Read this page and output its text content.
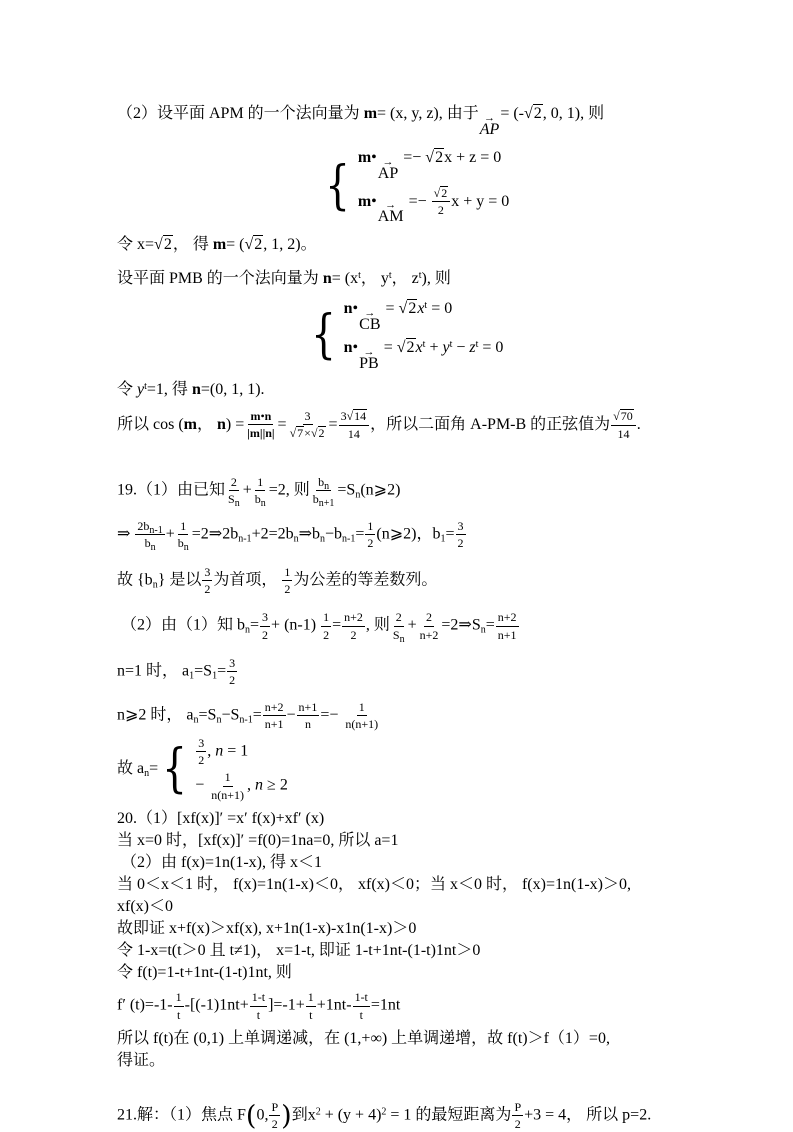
（2）设平面 APM 的一个法向量为 m= (x, y, z), 由于 →
AP
= (-√2, 0, 1), 则
{ m• →
AP
=− √2x + z = 0
m• →
AM
=− $\frac{√2}{2}$ x + y = 0
令 x=√2， 得 m= (√2, 1, 2)。
设平面 PMB 的一个法向量为 $n= (x^t$， $y^t$， $z^t$), 则
{ n• →
CB
= $√2x^t = 0$
n• →
PB
= $√2x^t + y^t - z^t = 0$
令 $y^t=1$, 得 n=(0, 1, 1).
所以 cos (m， $n) = \frac{m•n}{|m||n|} = \frac{3}{√7\times√2} = \frac{3√14}{14}$ ，所以二面角 A-PM-B 的正弦值为 $\frac{√70}{14}$ .
19.（1）由已知 $\frac{2}{S_n} + \frac{1}{b_n} =2$, 则 $\frac{b_n}{b_{n+1}}$ $=S_n(n⩾2)$
⇒ $\frac{2b_{n-1}}{b_n} + \frac{1}{b_n}$ $=2\Rightarrow 2b_{n-1}+2=2b_n\Rightarrow b_n-b_{n-1}= \frac{1}{2}$ (n⩾2)，$b_1= \frac{3}{2}$
故 $\{b_n\}$ 是以 $\frac{3}{2}$ 为首项， $\frac{1}{2}$ 为公差的等差数列。
（2）由（1）知 $b_n= \frac{3}{2} + (n-1) \frac{1}{2} = \frac{n+2}{2}$ , 则 $\frac{2}{S_n} + \frac{2}{n+2}$ $=2\Rightarrow S_n= \frac{n+2}{n+1}$
n=1 时， $a_1=S_1= \frac{3}{2}$
n⩾2 时， $a_n=S_n-S_{n-1}= \frac{n+2}{n+1} - \frac{n+1}{n} =- \frac{1}{n(n+1)}$
故 $a_n=$ { $\frac{3}{2}$ , n = 1
− $\frac{1}{n(n+1)}$ , n ≥ 2
20.（1）[xf(x)]′ =x′ f(x)+xf′ (x)
当 x=0 时，[xf(x)]′ =f(0)=1na=0, 所以 a=1
（2）由 f(x)=1n(1-x), 得 x＜1
当 0＜x＜1 时， f(x)=1n(1-x)＜0， xf(x)＜0；当 x＜0 时， f(x)=1n(1-x)＞0,
xf(x)＜0
故即证 x+f(x)＞xf(x), x+1n(1-x)-x1n(1-x)＞0
令 1-x=t(t＞0 且 t≠1)， x=1-t, 即证 1-t+1nt-(1-t)1nt＞0
令 f(t)=1-t+1nt-(1-t)1nt, 则
f′ $(t)=-1- \frac{1}{t} -[(-1)1nt+ \frac{1-t}{t} ]=-1+ \frac{1}{t} +1nt- \frac{1-t}{t} =1nt$
所以 f(t)在 (0,1) 上单调递减，在 (1,+∞) 上单调递增，故 f(t)＞f（1）=0,
得证。
21.解：（1）焦点 F(0, $\frac{P}{2}$ )到$x^2 + (y + 4)^2 = 1$ 的最短距离为 $\frac{P}{2} +3 = 4$， 所以 p=2.
